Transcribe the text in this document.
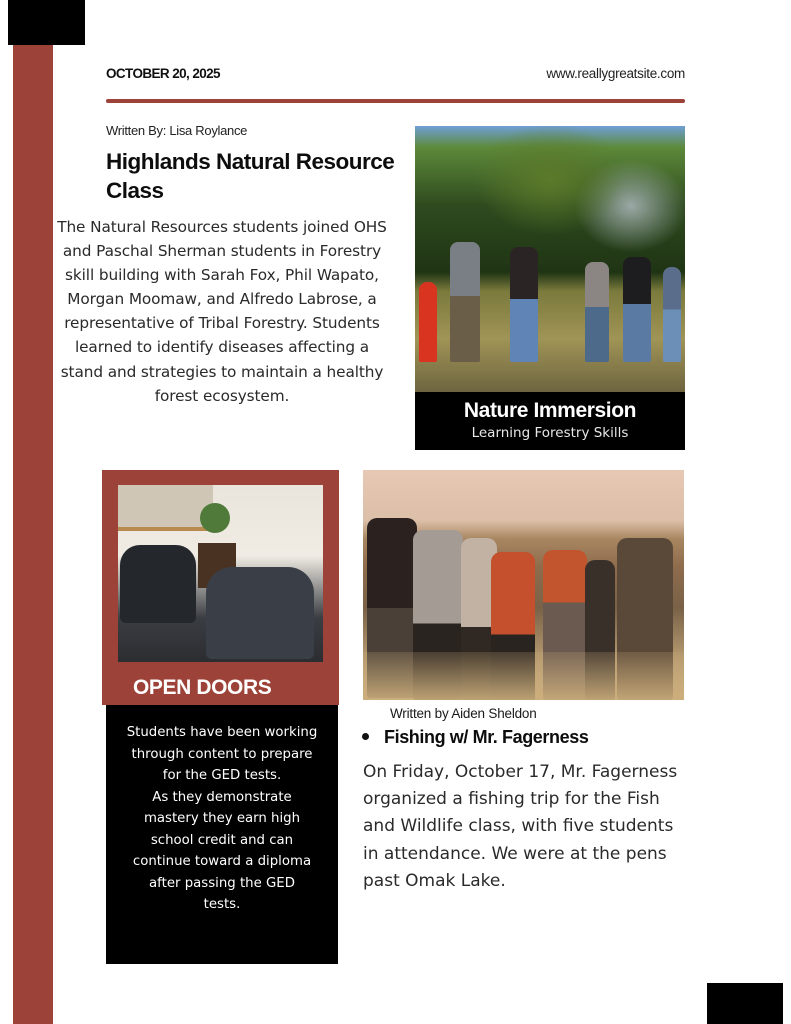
OCTOBER 20, 2025	www.reallygreatsite.com
Written By: Lisa Roylance
Highlands Natural Resource Class
The Natural Resources students joined OHS and Paschal Sherman students in Forestry skill building with Sarah Fox, Phil Wapato, Morgan Moomaw, and Alfredo Labrose, a representative of Tribal Forestry. Students learned to identify diseases affecting a stand and strategies to maintain a healthy forest ecosystem.
Nature Immersion
Learning Forestry Skills
OPEN DOORS
Students have been working
through content to prepare
for the GED tests.
As they demonstrate
mastery they earn high
school credit and can
continue toward a diploma
after passing the GED
tests.
Written by Aiden Sheldon
Fishing w/ Mr. Fagerness
On Friday, October 17, Mr. Fagerness organized a fishing trip for the Fish and Wildlife class, with five students in attendance. We were at the pens past Omak Lake.
